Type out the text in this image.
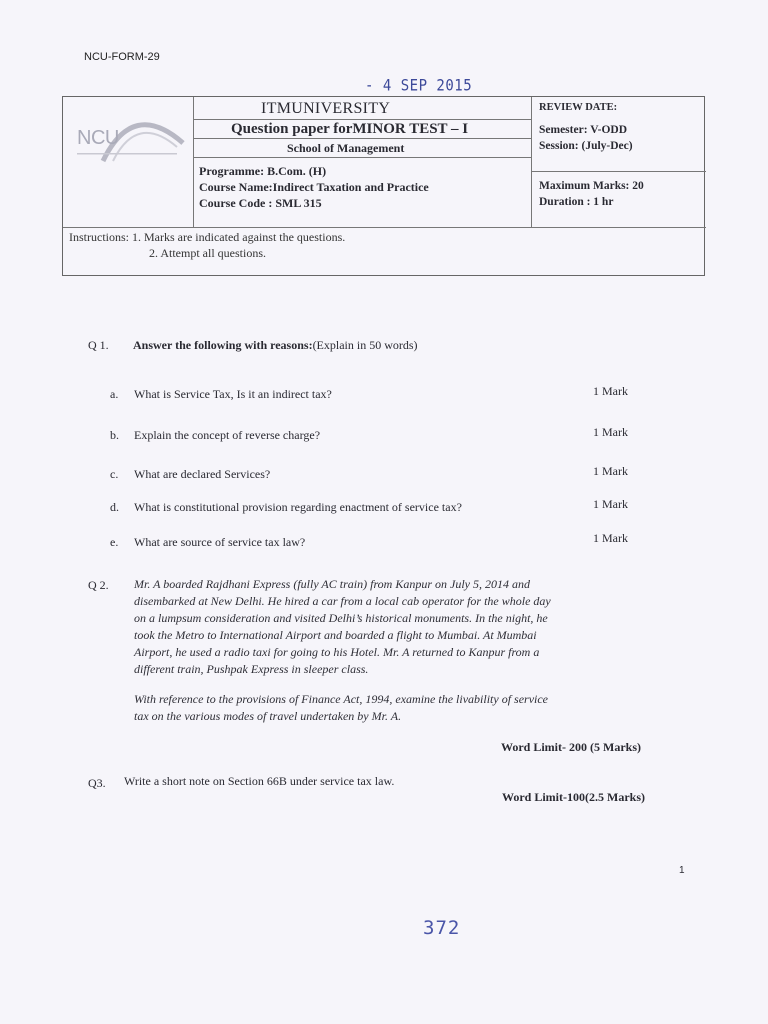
NCU-FORM-29
- 4 SEP 2015
NCU
ITMUNIVERSITY
Question paper forMINOR TEST – I
School of Management
Programme: B.Com. (H)
Course Name:Indirect Taxation and Practice
Course Code : SML 315
REVIEW DATE:
Semester: V-ODD
Session: (July-Dec)
Maximum Marks: 20
Duration : 1 hr
Instructions: 1. Marks are indicated against the questions.
2. Attempt all questions.
Q 1. Answer the following with reasons:(Explain in 50 words)
a. What is Service Tax, Is it an indirect tax?	1 Mark
b. Explain the concept of reverse charge?	1 Mark
c. What are declared Services?	1 Mark
d. What is constitutional provision regarding enactment of service tax?	1 Mark
e. What are source of service tax law?	1 Mark
Q 2. Mr. A boarded Rajdhani Express (fully AC train) from Kanpur on July 5, 2014 and
disembarked at New Delhi. He hired a car from a local cab operator for the whole day
on a lumpsum consideration and visited Delhi’s historical monuments. In the night, he
took the Metro to International Airport and boarded a flight to Mumbai. At Mumbai
Airport, he used a radio taxi for going to his Hotel. Mr. A returned to Kanpur from a
different train, Pushpak Express in sleeper class.
With reference to the provisions of Finance Act, 1994, examine the livability of service
tax on the various modes of travel undertaken by Mr. A.
Word Limit- 200 (5 Marks)
Q3. Write a short note on Section 66B under service tax law.
Word Limit-100(2.5 Marks)
1
372
